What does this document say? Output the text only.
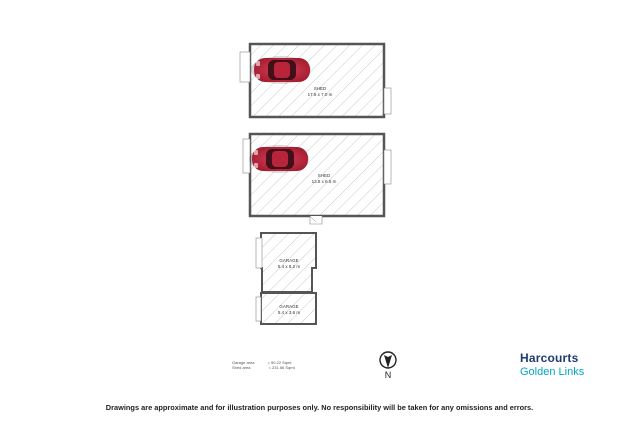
SHED
17.6 x 7.0 m
SHED
13.8 x 6.5 m
GARAGE
5.4 x 8.2 m
GARAGE
5.4 x 3.6 m
Garage area	= 50.22 Sqmt
Shed area	= 231.66 Sqmt
N
Harcourts
Golden Links
Drawings are approximate and for illustration purposes only. No responsibility will be taken for any omissions and errors.
